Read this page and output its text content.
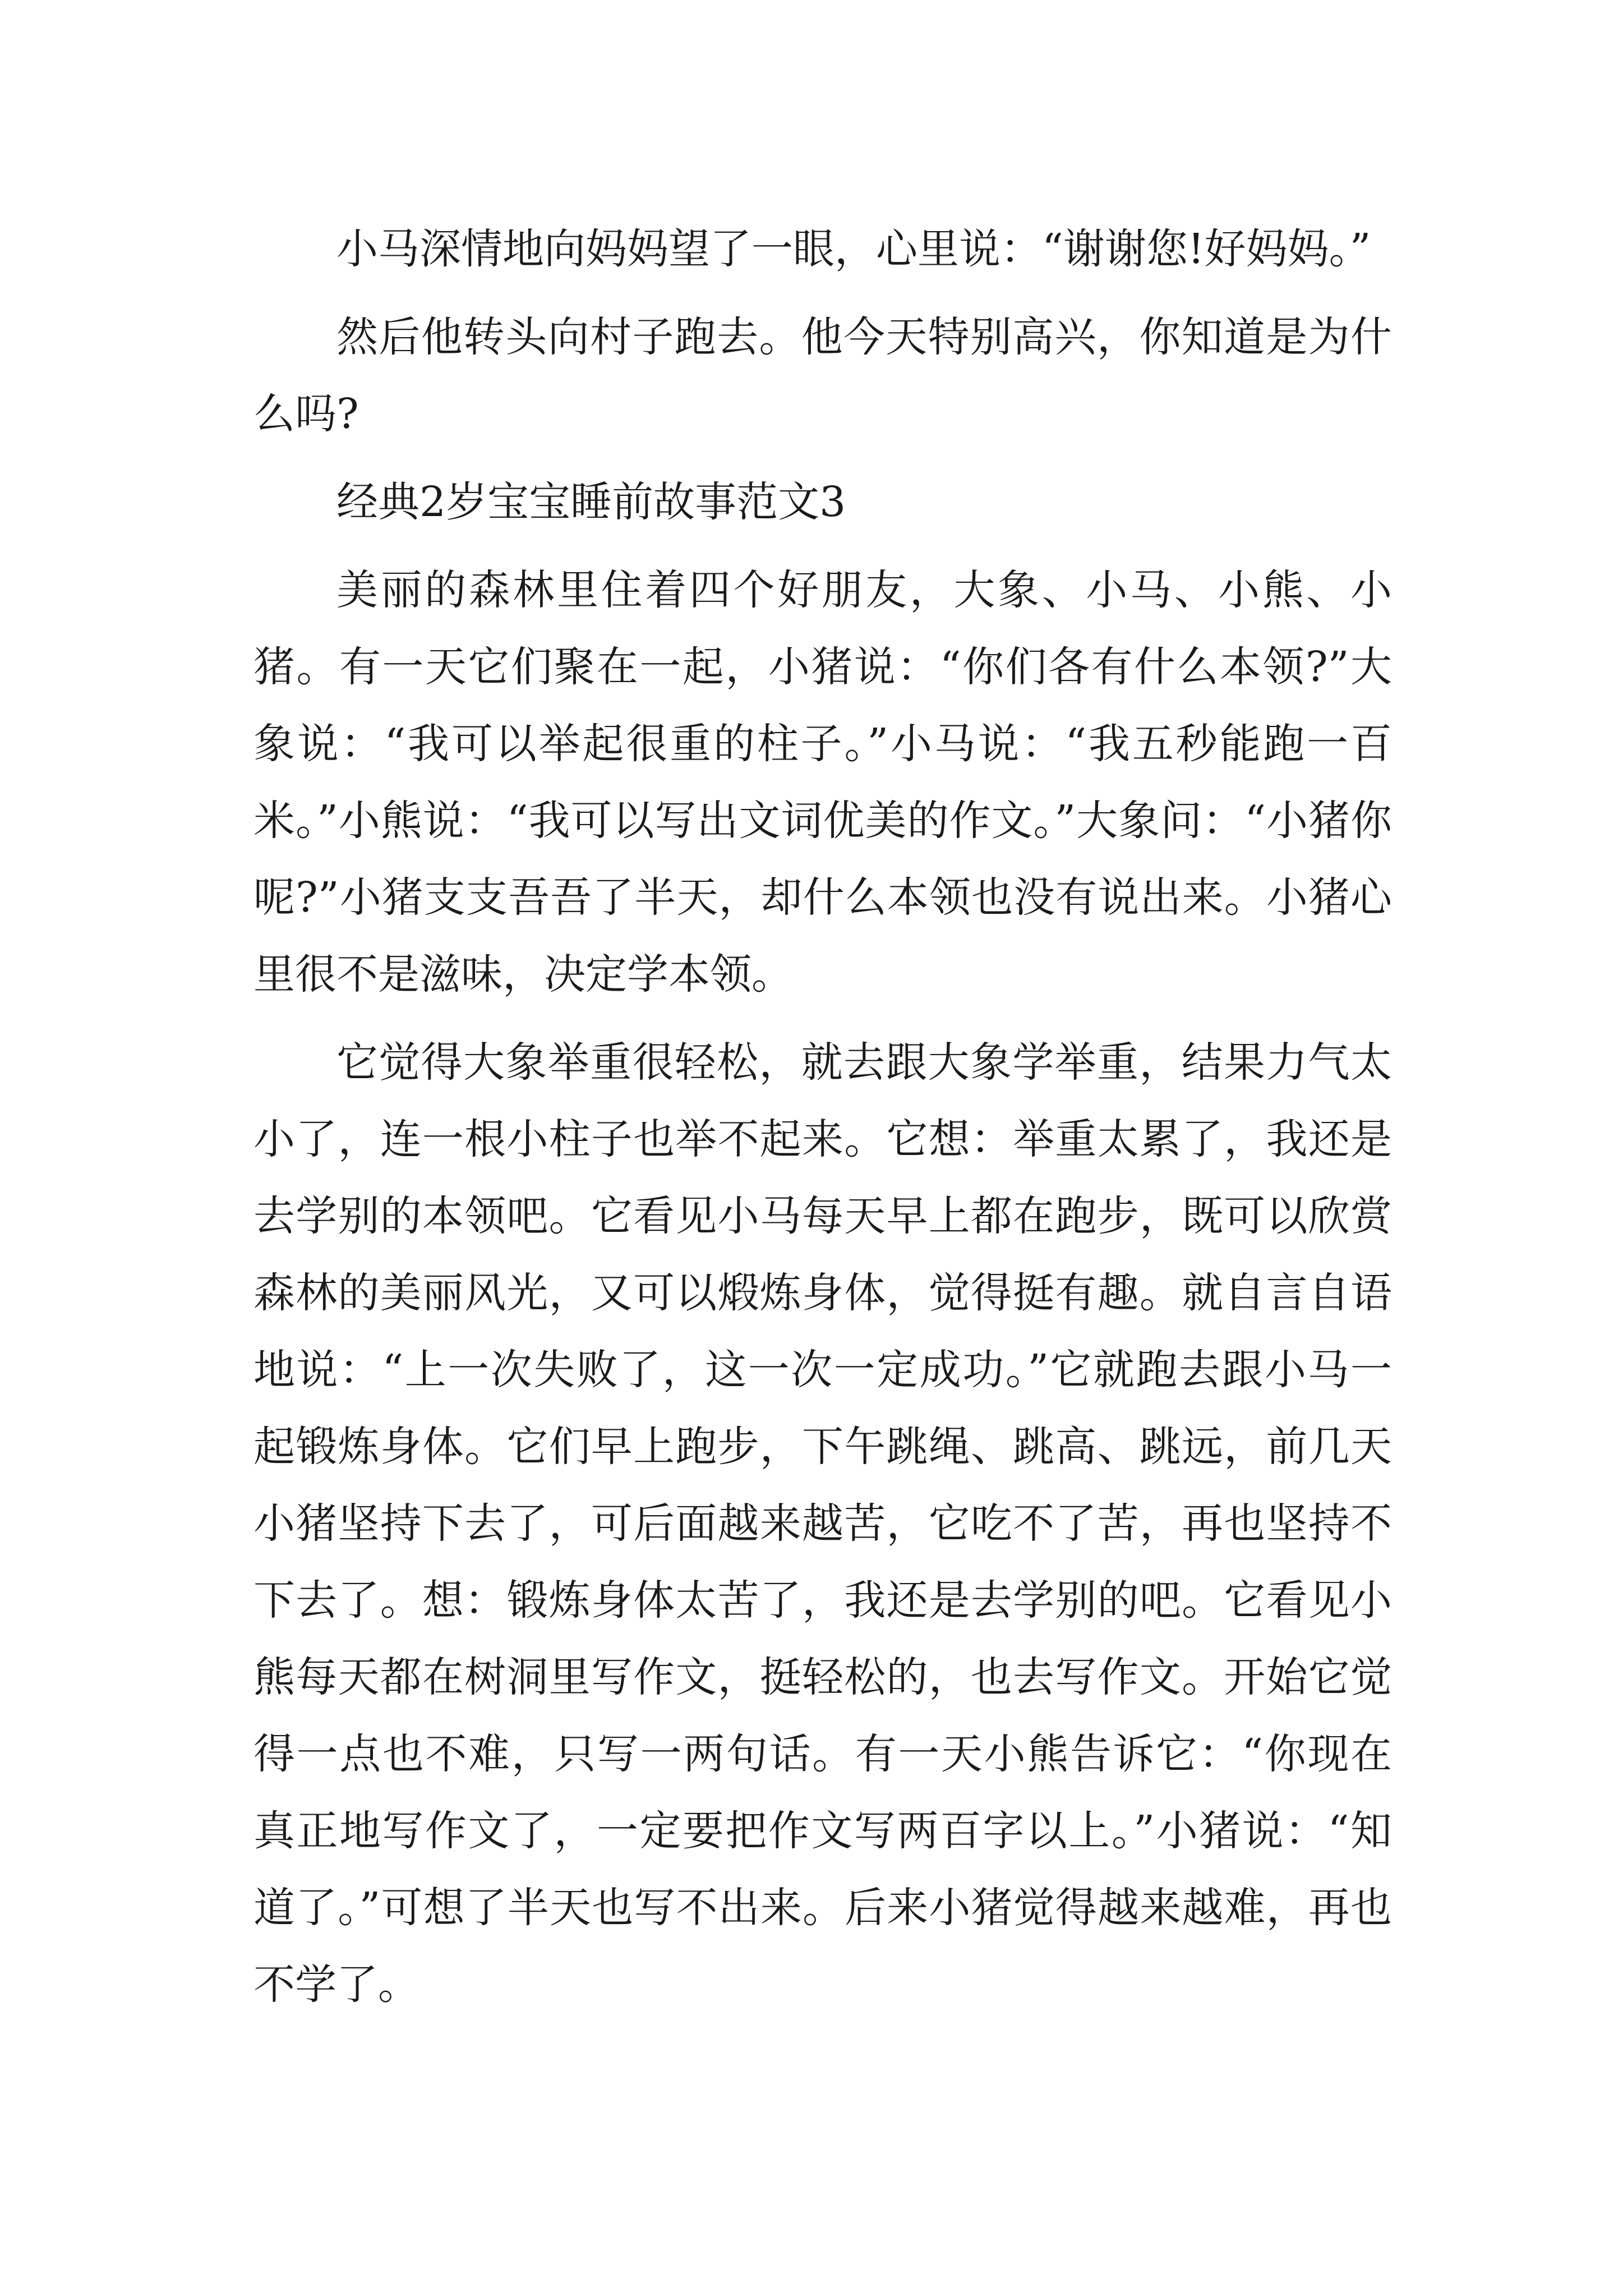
小马深情地向妈妈望了一眼，心里说：“谢谢您!好妈妈。”

然后他转头向村子跑去。他今天特别高兴，你知道是为什么吗?

经典2岁宝宝睡前故事范文3

美丽的森林里住着四个好朋友，大象、小马、小熊、小猪。有一天它们聚在一起，小猪说：“你们各有什么本领?”大象说：“我可以举起很重的柱子。”小马说：“我五秒能跑一百米。”小熊说：“我可以写出文词优美的作文。”大象问：“小猪你呢?”小猪支支吾吾了半天，却什么本领也没有说出来。小猪心里很不是滋味，决定学本领。

它觉得大象举重很轻松，就去跟大象学举重，结果力气太小了，连一根小柱子也举不起来。它想：举重太累了，我还是去学别的本领吧。它看见小马每天早上都在跑步，既可以欣赏森林的美丽风光，又可以煅炼身体，觉得挺有趣。就自言自语地说：“上一次失败了，这一次一定成功。”它就跑去跟小马一起锻炼身体。它们早上跑步，下午跳绳、跳高、跳远，前几天小猪坚持下去了，可后面越来越苦，它吃不了苦，再也坚持不下去了。想：锻炼身体太苦了，我还是去学别的吧。它看见小熊每天都在树洞里写作文，挺轻松的，也去写作文。开始它觉得一点也不难，只写一两句话。有一天小熊告诉它：“你现在真正地写作文了，一定要把作文写两百字以上。”小猪说：“知道了。”可想了半天也写不出来。后来小猪觉得越来越难，再也不学了。
